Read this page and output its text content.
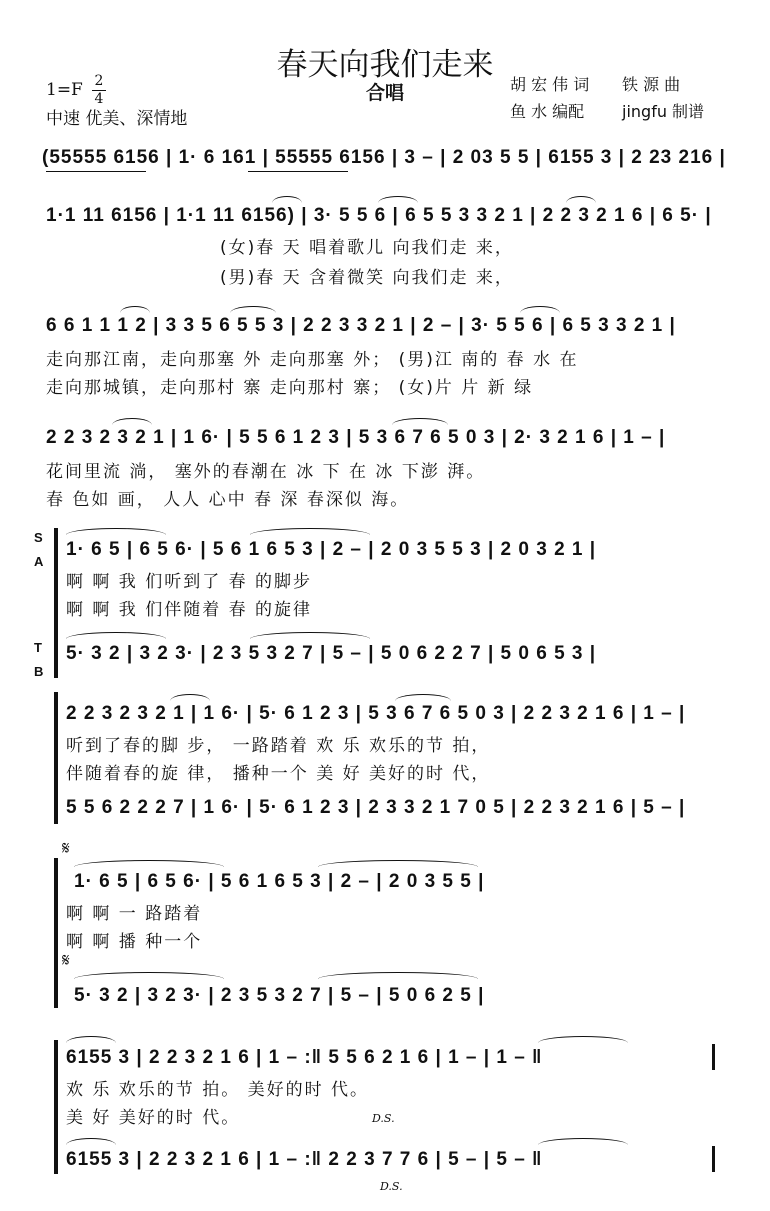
春天向我们走来
合唱
1=F 2
4
中速 优美、深情地
胡 宏 伟 词 铁 源 曲
鱼 水 编配 jingfu 制谱
(55555 6156 | 1· 6 161 | 55555 6156 | 3 – | 2 03 5 5 | 6155 3 | 2 23 216 |
1·1 11 6156 | 1·1 11 6156) | 3· 5 5 6 | 6 5 5 3 3 2 1 | 2 2 3 2 1 6 | 6 5· |
(女)春 天 唱着歌儿 向我们走 来，
(男)春 天 含着微笑 向我们走 来，
6 6 1 1 1 2 | 3 3 5 6 5 5 3 | 2 2 3 3 2 1 | 2 – | 3· 5 5 6 | 6 5 3 3 2 1 |
走向那江南，走向那塞 外 走向那塞 外； (男)江 南的 春 水 在
走向那城镇，走向那村 寨 走向那村 寨； (女)片 片 新 绿
2 2 3 2 3 2 1 | 1 6· | 5 5 6 1 2 3 | 5 3 6 7 6 5 0 3 | 2· 3 2 1 6 | 1 – |
花间里流 淌， 塞外的春潮在 冰 下 在 冰 下澎 湃。
春 色如 画， 人人 心中 春 深 春深似 海。
S
A
T
B
1· 6 5 | 6 5 6· | 5 6 1 6 5 3 | 2 – | 2 0 3 5 5 3 | 2 0 3 2 1 |
啊 啊 我 们听到了 春 的脚步
啊 啊 我 们伴随着 春 的旋律
5· 3 2 | 3 2 3· | 2 3 5 3 2 7 | 5 – | 5 0 6 2 2 7 | 5 0 6 5 3 |
2 2 3 2 3 2 1 | 1 6· | 5· 6 1 2 3 | 5 3 6 7 6 5 0 3 | 2 2 3 2 1 6 | 1 – |
听到了春的脚 步， 一路踏着 欢 乐 欢乐的节 拍，
伴随着春的旋 律， 播种一个 美 好 美好的时 代，
5 5 6 2 2 2 7 | 1 6· | 5· 6 1 2 3 | 2 3 3 2 1 7 0 5 | 2 2 3 2 1 6 | 5 – |
𝄋
1· 6 5 | 6 5 6· | 5 6 1 6 5 3 | 2 – | 2 0 3 5 5 |
啊 啊 一 路踏着
啊 啊 播 种一个
𝄋
5· 3 2 | 3 2 3· | 2 3 5 3 2 7 | 5 – | 5 0 6 2 5 |
6155 3 | 2 2 3 2 1 6 | 1 – :‖ 5 5 6 2 1 6 | 1 – | 1 – ‖
欢 乐 欢乐的节 拍。 美好的时 代。
美 好 美好的时 代。	D.S.
6155 3 | 2 2 3 2 1 6 | 1 – :‖ 2 2 3 7 7 6 | 5 – | 5 – ‖
D.S.
